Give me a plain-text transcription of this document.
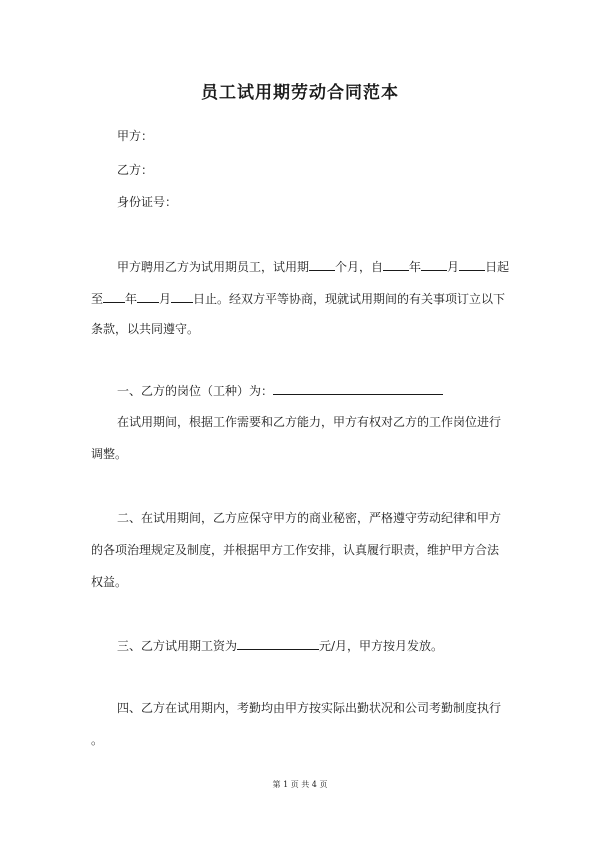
员工试用期劳动合同范本
甲方：
乙方：
身份证号：
甲方聘用乙方为试用期员工，试用期 个月，自 年 月 日起
至 年 月 日止。经双方平等协商，现就试用期间的有关事项订立以下
条款，以共同遵守。
一、乙方的岗位（工种）为：
在试用期间，根据工作需要和乙方能力，甲方有权对乙方的工作岗位进行
调整。
二、在试用期间，乙方应保守甲方的商业秘密，严格遵守劳动纪律和甲方
的各项治理规定及制度，并根据甲方工作安排，认真履行职责，维护甲方合法
权益。
三、乙方试用期工资为	元/月，甲方按月发放。
四、乙方在试用期内，考勤均由甲方按实际出勤状况和公司考勤制度执行
。
第 1 页 共 4 页
